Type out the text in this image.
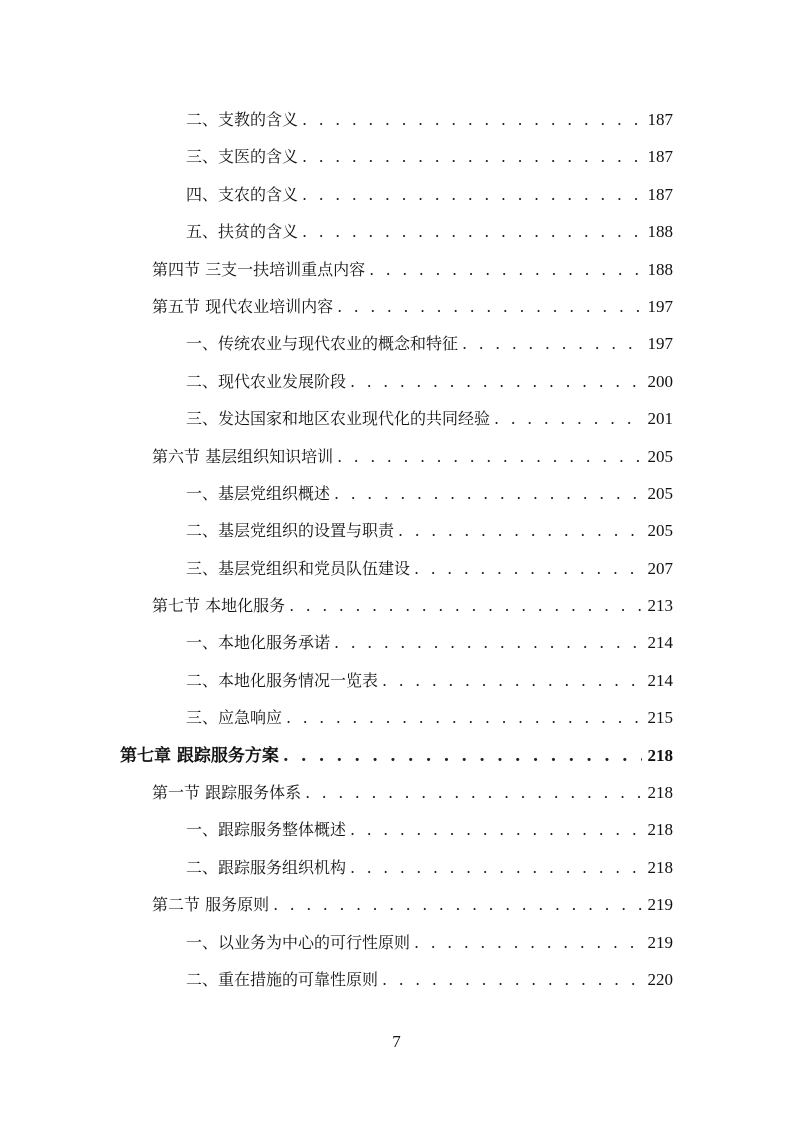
二、支教的含义 . . .	187
三、支医的含义 . . .	187
四、支农的含义 . . .	187
五、扶贫的含义 . . .	188
第四节 三支一扶培训重点内容 . . .	188
第五节 现代农业培训内容 . . .	197
一、传统农业与现代农业的概念和特征 . . .	197
二、现代农业发展阶段 . . .	200
三、发达国家和地区农业现代化的共同经验 . . .	201
第六节 基层组织知识培训 . . .	205
一、基层党组织概述 . . .	205
二、基层党组织的设置与职责 . . .	205
三、基层党组织和党员队伍建设 . . .	207
第七节 本地化服务 . . .	213
一、本地化服务承诺 . . .	214
二、本地化服务情况一览表 . . .	214
三、应急响应 . . .	215
第七章 跟踪服务方案 . . .	218
第一节 跟踪服务体系 . . .	218
一、跟踪服务整体概述 . . .	218
二、跟踪服务组织机构 . . .	218
第二节 服务原则 . . .	219
一、以业务为中心的可行性原则 . . .	219
二、重在措施的可靠性原则 . . .	220
7
